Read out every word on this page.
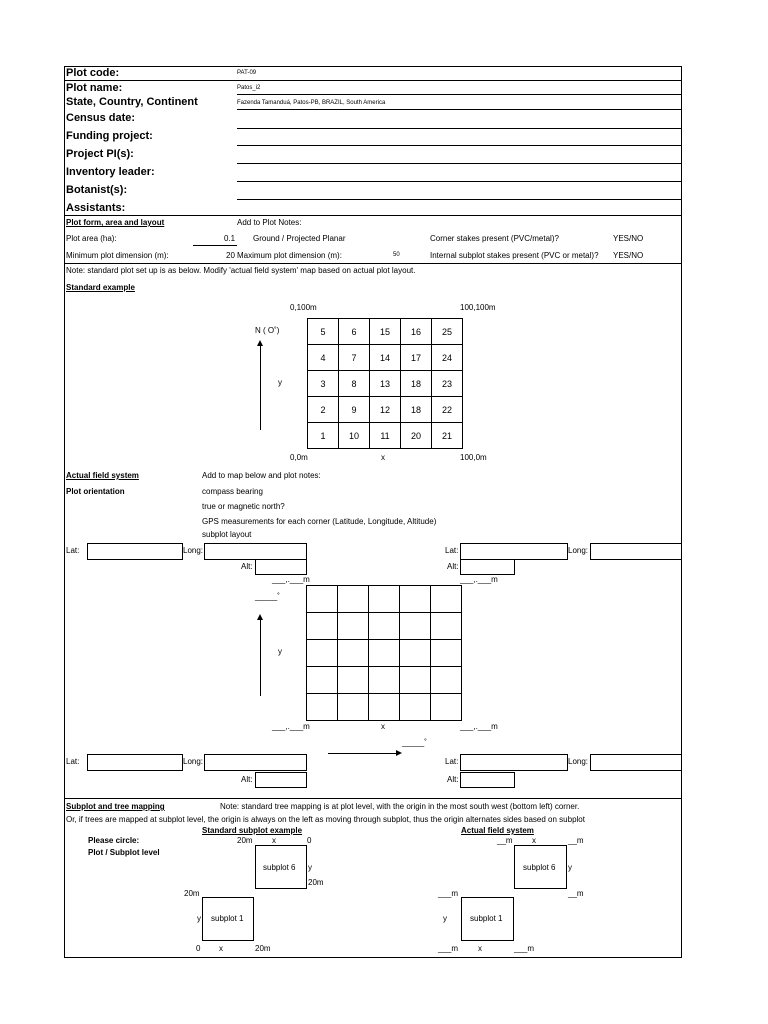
Plot code:	PAT-09
Plot name:	Patos_i2
State, Country, Continent	Fazenda Tamanduá, Patos-PB, BRAZIL, South America
Census date:
Funding project:
Project PI(s):
Inventory leader:
Botanist(s):
Assistants:
Plot form, area and layout	Add to Plot Notes:
Plot area (ha):	0.1 Ground / Projected Planar	Corner stakes present (PVC/metal)?	YES/NO
Minimum plot dimension (m):	20 Maximum plot dimension (m):	50	Internal subplot stakes present (PVC or metal)? YES/NO
Note: standard plot set up is as below. Modify 'actual field system' map based on actual plot layout.
Standard example
0,100m	100,100m
N ( O˚)
y
5	6	15	16	25
4	7	14	17	24
3	8	13	18	23
2	9	12	18	22
1	10	11	20	21
0,0m	x	100,0m
Actual field system
Plot orientation
Add to map below and plot notes:
compass bearing
true or magnetic north?
GPS measurements for each corner (Latitude, Longitude, Altitude)
subplot layout
Lat:	Long:	Lat:	Long:
Alt:	Alt:
___,.___m	___,.___m
_____˚

y
___,.___m	x	___,.___m
_____˚
Lat:	Long:	Lat:	Long:
Alt:	Alt:
Subplot and tree mapping	Note: standard tree mapping is at plot level, with the origin in the most south west (bottom left) corner.
Or, if trees are mapped at subplot level, the origin is always on the left as moving through subplot, thus the origin alternates sides based on subplot
Please circle:
Plot / Subplot level
Standard subplot example	Actual field system
20m x	0
subplot 6 y
20m
20m
y subplot 1
0 x	20m
__m x	__m
subplot 6 y
___m	__m
y	subplot 1
___m x	___m
